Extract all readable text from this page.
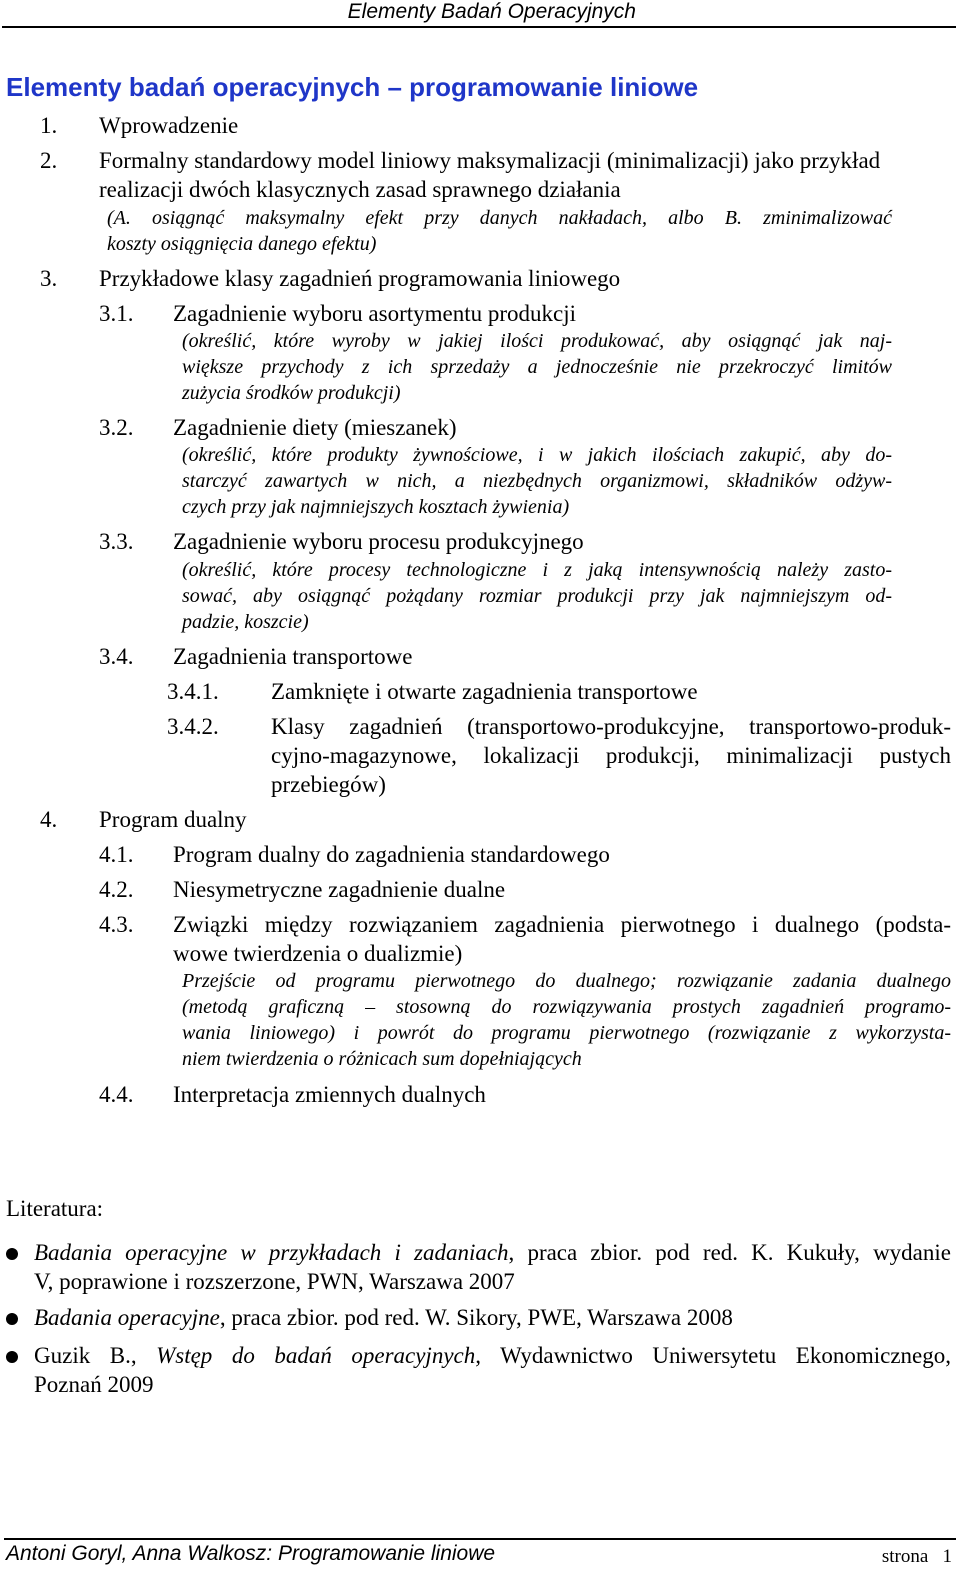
Elementy Badań Operacyjnych
Elementy badań operacyjnych – programowanie liniowe
1. Wprowadzenie
2. Formalny standardowy model liniowy maksymalizacji (minimalizacji) jako przykład
realizacji dwóch klasycznych zasad sprawnego działania
(A. osiągnąć maksymalny efekt przy danych nakładach, albo B. zminimalizować
koszty osiągnięcia danego efektu)
3. Przykładowe klasy zagadnień programowania liniowego
3.1. Zagadnienie wyboru asortymentu produkcji
(określić, które wyroby w jakiej ilości produkować, aby osiągnąć jak naj-
większe przychody z ich sprzedaży a jednocześnie nie przekroczyć limitów
zużycia środków produkcji)
3.2. Zagadnienie diety (mieszanek)
(określić, które produkty żywnościowe, i w jakich ilościach zakupić, aby do-
starczyć zawartych w nich, a niezbędnych organizmowi, składników odżyw-
czych przy jak najmniejszych kosztach żywienia)
3.3. Zagadnienie wyboru procesu produkcyjnego
(określić, które procesy technologiczne i z jaką intensywnością należy zasto-
sować, aby osiągnąć pożądany rozmiar produkcji przy jak najmniejszym od-
padzie, koszcie)
3.4. Zagadnienia transportowe
3.4.1. Zamknięte i otwarte zagadnienia transportowe
3.4.2. Klasy zagadnień (transportowo-produkcyjne, transportowo-produk-
cyjno-magazynowe, lokalizacji produkcji, minimalizacji pustych
przebiegów)
4. Program dualny
4.1. Program dualny do zagadnienia standardowego
4.2. Niesymetryczne zagadnienie dualne
4.3. Związki między rozwiązaniem zagadnienia pierwotnego i dualnego (podsta-
wowe twierdzenia o dualizmie)
Przejście od programu pierwotnego do dualnego; rozwiązanie zadania dualnego
(metodą graficzną – stosowną do rozwiązywania prostych zagadnień programo-
wania liniowego) i powrót do programu pierwotnego (rozwiązanie z wykorzysta-
niem twierdzenia o różnicach sum dopełniających
4.4. Interpretacja zmiennych dualnych
Literatura:
Badania operacyjne w przykładach i zadaniach, praca zbior. pod red. K. Kukuły, wydanie
V, poprawione i rozszerzone, PWN, Warszawa 2007
Badania operacyjne, praca zbior. pod red. W. Sikory, PWE, Warszawa 2008
Guzik B., Wstęp do badań operacyjnych, Wydawnictwo Uniwersytetu Ekonomicznego,
Poznań 2009
Antoni Goryl, Anna Walkosz: Programowanie liniowe	strona 1
